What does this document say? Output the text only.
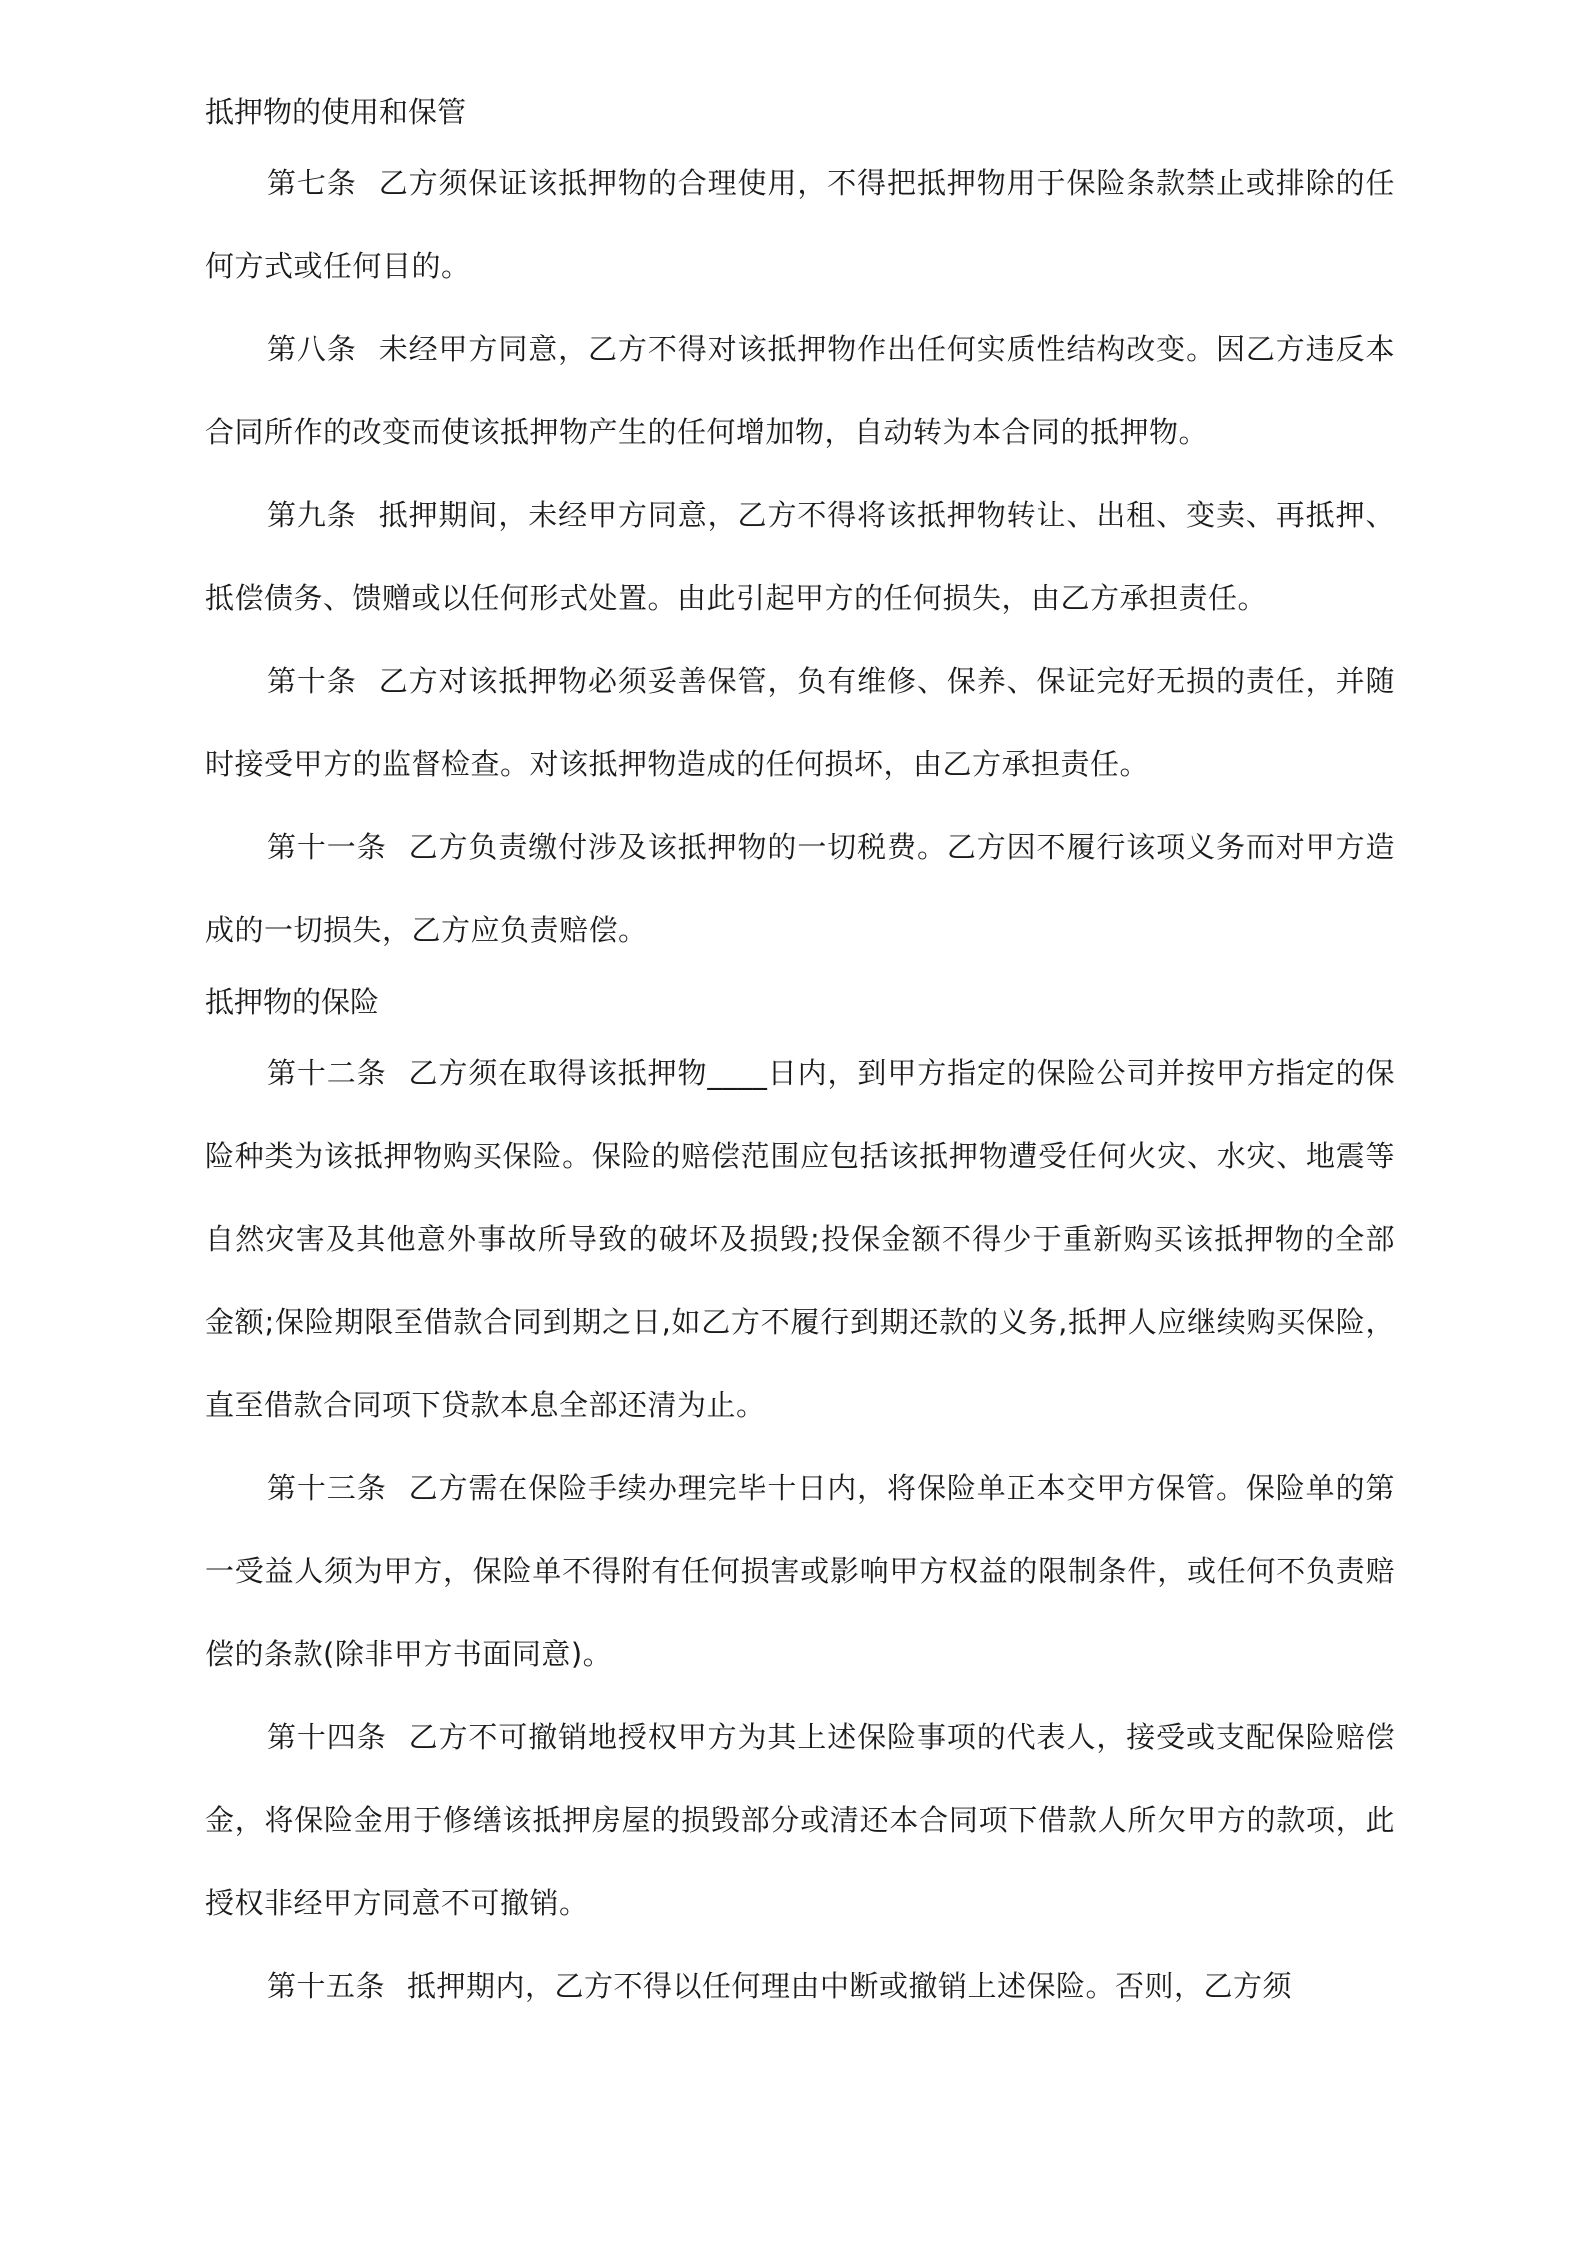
抵押物的使用和保管

第七条 乙方须保证该抵押物的合理使用，不得把抵押物用于保险条款禁止或排除的任何方式或任何目的。

第八条 未经甲方同意，乙方不得对该抵押物作出任何实质性结构改变。因乙方违反本合同所作的改变而使该抵押物产生的任何增加物，自动转为本合同的抵押物。

第九条 抵押期间，未经甲方同意，乙方不得将该抵押物转让、出租、变卖、再抵押、抵偿债务、馈赠或以任何形式处置。由此引起甲方的任何损失，由乙方承担责任。

第十条 乙方对该抵押物必须妥善保管，负有维修、保养、保证完好无损的责任，并随时接受甲方的监督检查。对该抵押物造成的任何损坏，由乙方承担责任。

第十一条 乙方负责缴付涉及该抵押物的一切税费。乙方因不履行该项义务而对甲方造成的一切损失，乙方应负责赔偿。

抵押物的保险

第十二条 乙方须在取得该抵押物____日内，到甲方指定的保险公司并按甲方指定的保险种类为该抵押物购买保险。保险的赔偿范围应包括该抵押物遭受任何火灾、水灾、地震等自然灾害及其他意外事故所导致的破坏及损毁;投保金额不得少于重新购买该抵押物的全部金额;保险期限至借款合同到期之日,如乙方不履行到期还款的义务,抵押人应继续购买保险，直至借款合同项下贷款本息全部还清为止。

第十三条 乙方需在保险手续办理完毕十日内，将保险单正本交甲方保管。保险单的第一受益人须为甲方，保险单不得附有任何损害或影响甲方权益的限制条件，或任何不负责赔偿的条款(除非甲方书面同意)。

第十四条 乙方不可撤销地授权甲方为其上述保险事项的代表人，接受或支配保险赔偿金，将保险金用于修缮该抵押房屋的损毁部分或清还本合同项下借款人所欠甲方的款项，此授权非经甲方同意不可撤销。

第十五条 抵押期内，乙方不得以任何理由中断或撤销上述保险。否则，乙方须
